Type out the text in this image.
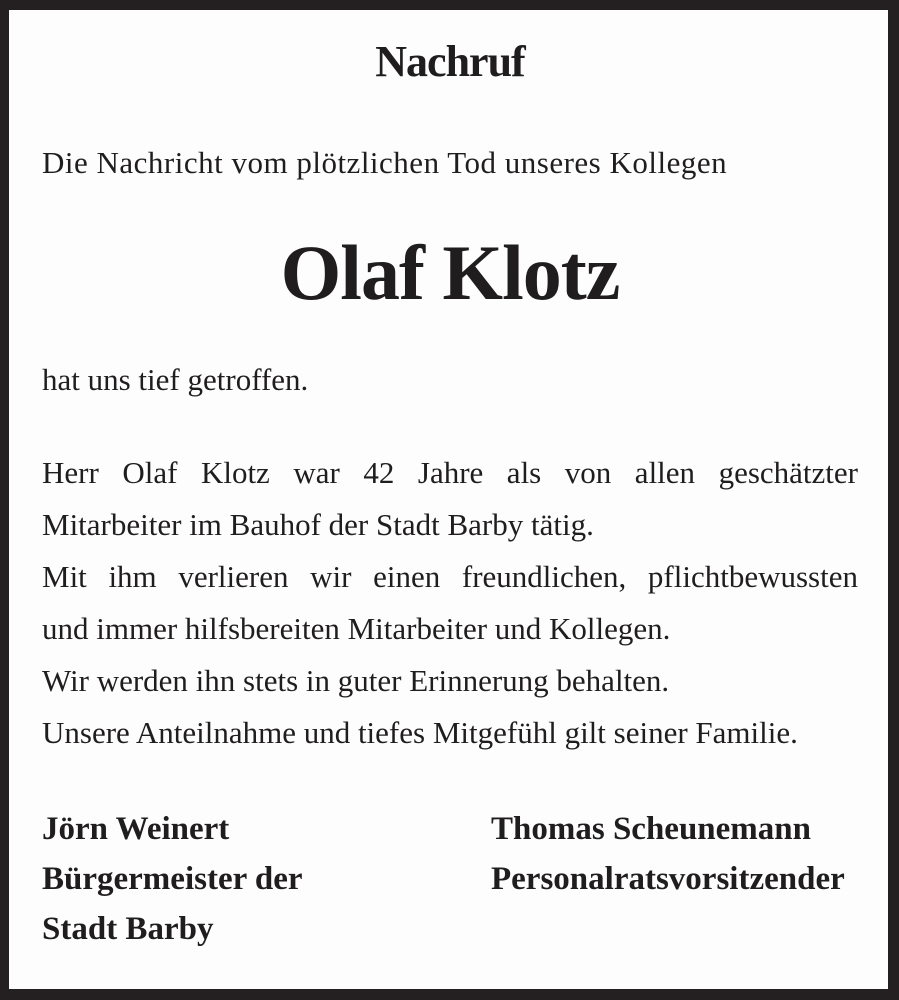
Nachruf
Die Nachricht vom plötzlichen Tod unseres Kollegen
Olaf Klotz
hat uns tief getroffen.
Herr Olaf Klotz war 42 Jahre als von allen geschätzter
Mitarbeiter im Bauhof der Stadt Barby tätig.
Mit ihm verlieren wir einen freundlichen, pflichtbewussten
und immer hilfsbereiten Mitarbeiter und Kollegen.
Wir werden ihn stets in guter Erinnerung behalten.
Unsere Anteilnahme und tiefes Mitgefühl gilt seiner Familie.
Jörn Weinert
Bürgermeister der
Stadt Barby
Thomas Scheunemann
Personalratsvorsitzender
